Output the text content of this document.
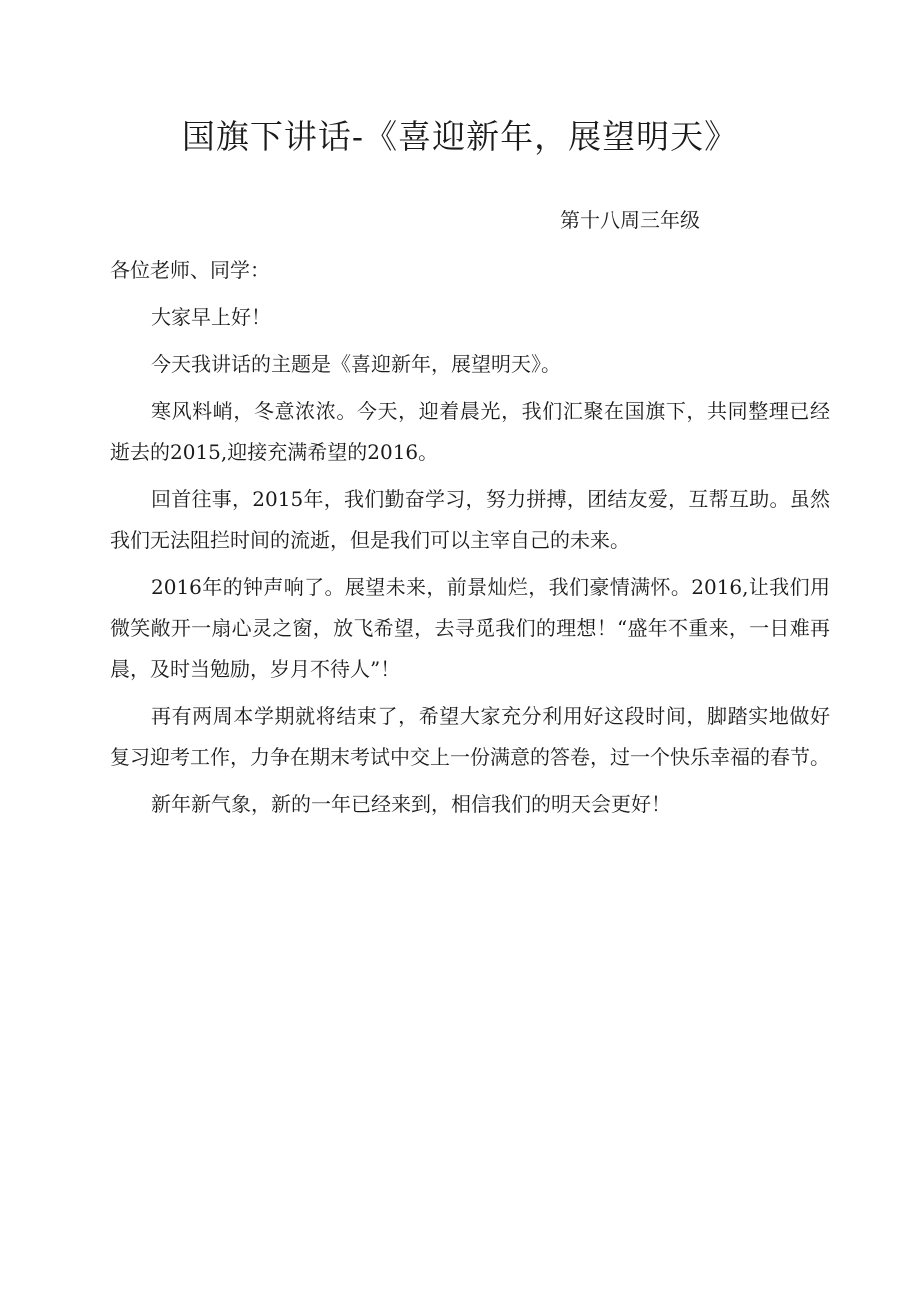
国旗下讲话-《喜迎新年，展望明天》
第十八周三年级

各位老师、同学：

大家早上好！

今天我讲话的主题是《喜迎新年，展望明天》。

寒风料峭，冬意浓浓。今天，迎着晨光，我们汇聚在国旗下，共同整理已经逝去的2015,迎接充满希望的2016。

回首往事，2015年，我们勤奋学习，努力拼搏，团结友爱，互帮互助。虽然我们无法阻拦时间的流逝，但是我们可以主宰自己的未来。

2016年的钟声响了。展望未来，前景灿烂，我们豪情满怀。2016,让我们用微笑敞开一扇心灵之窗，放飞希望，去寻觅我们的理想！“盛年不重来，一日难再晨，及时当勉励，岁月不待人”！

再有两周本学期就将结束了，希望大家充分利用好这段时间，脚踏实地做好复习迎考工作，力争在期末考试中交上一份满意的答卷，过一个快乐幸福的春节。

新年新气象，新的一年已经来到，相信我们的明天会更好！
